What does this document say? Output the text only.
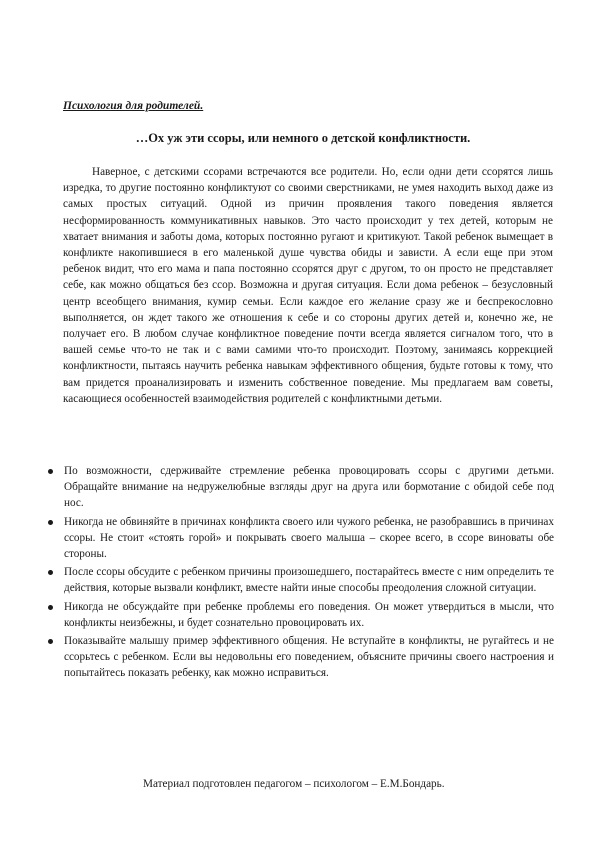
Психология для родителей.
…Ох уж эти ссоры, или немного о детской конфликтности.

Наверное, с детскими ссорами встречаются все родители. Но, если одни дети ссорятся лишь изредка, то другие постоянно конфликтуют со своими сверстниками, не умея находить выход даже из самых простых ситуаций. Одной из причин проявления такого поведения является несформированность коммуникативных навыков. Это часто происходит у тех детей, которым не хватает внимания и заботы дома, которых постоянно ругают и критикуют. Такой ребенок вымещает в конфликте накопившиеся в его маленькой душе чувства обиды и зависти. А если еще при этом ребенок видит, что его мама и папа постоянно ссорятся друг с другом, то он просто не представляет себе, как можно общаться без ссор. Возможна и другая ситуация. Если дома ребенок – безусловный центр всеобщего внимания, кумир семьи. Если каждое его желание сразу же и беспрекословно выполняется, он ждет такого же отношения к себе и со стороны других детей и, конечно же, не получает его. В любом случае конфликтное поведение почти всегда является сигналом того, что в вашей семье что-то не так и с вами самими что-то происходит. Поэтому, занимаясь коррекцией конфликтности, пытаясь научить ребенка навыкам эффективного общения, будьте готовы к тому, что вам придется проанализировать и изменить собственное поведение. Мы предлагаем вам советы, касающиеся особенностей взаимодействия родителей с конфликтными детьми.

По возможности, сдерживайте стремление ребенка провоцировать ссоры с другими детьми. Обращайте внимание на недружелюбные взгляды друг на друга или бормотание с обидой себе под нос.
Никогда не обвиняйте в причинах конфликта своего или чужого ребенка, не разобравшись в причинах ссоры. Не стоит «стоять горой» и покрывать своего малыша – скорее всего, в ссоре виноваты обе стороны.
После ссоры обсудите с ребенком причины произошедшего, постарайтесь вместе с ним определить те действия, которые вызвали конфликт, вместе найти иные способы преодоления сложной ситуации.
Никогда не обсуждайте при ребенке проблемы его поведения. Он может утвердиться в мысли, что конфликты неизбежны, и будет сознательно провоцировать их.
Показывайте малышу пример эффективного общения. Не вступайте в конфликты, не ругайтесь и не ссорьтесь с ребенком. Если вы недовольны его поведением, объясните причины своего настроения и попытайтесь показать ребенку, как можно исправиться.
Материал подготовлен педагогом – психологом – Е.М.Бондарь.
